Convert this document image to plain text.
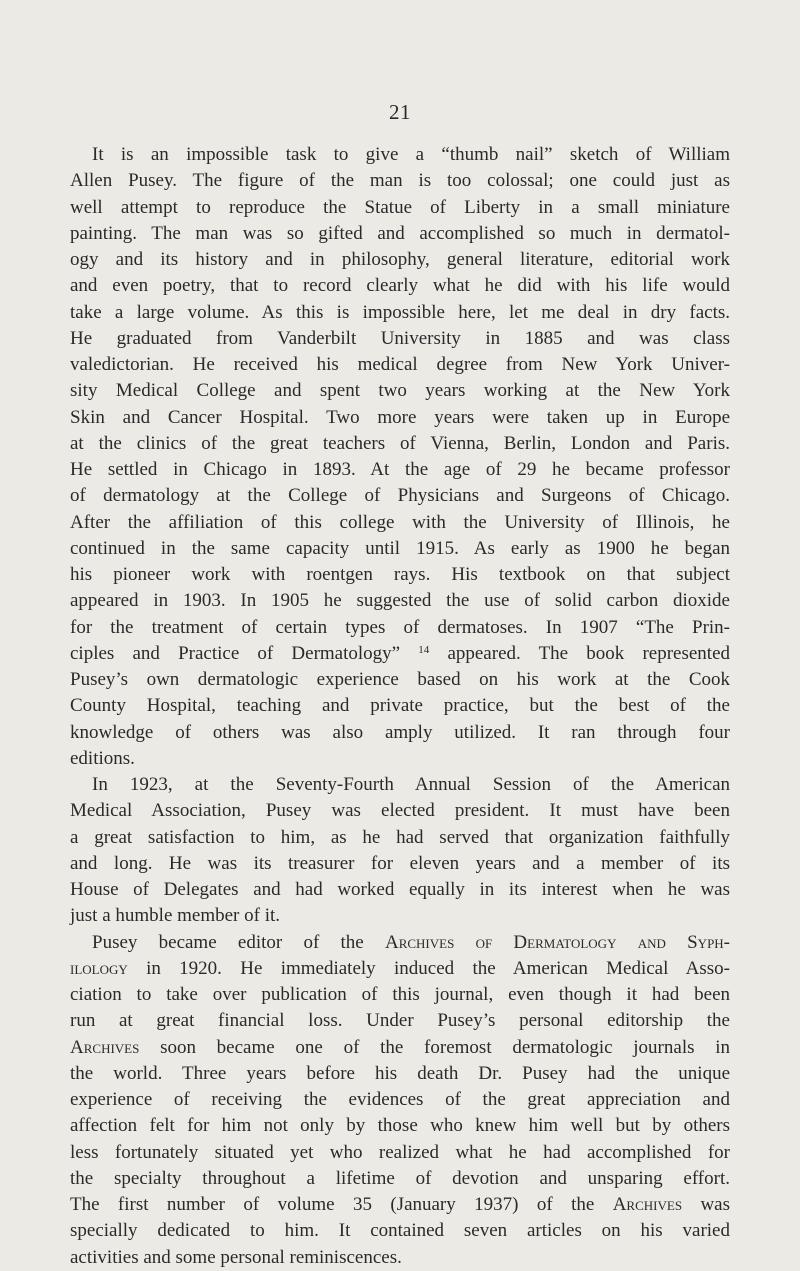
21
It is an impossible task to give a “thumb nail” sketch of William
Allen Pusey. The figure of the man is too colossal; one could just as
well attempt to reproduce the Statue of Liberty in a small miniature
painting. The man was so gifted and accomplished so much in dermatol-
ogy and its history and in philosophy, general literature, editorial work
and even poetry, that to record clearly what he did with his life would
take a large volume. As this is impossible here, let me deal in dry facts.
He graduated from Vanderbilt University in 1885 and was class
valedictorian. He received his medical degree from New York Univer-
sity Medical College and spent two years working at the New York
Skin and Cancer Hospital. Two more years were taken up in Europe
at the clinics of the great teachers of Vienna, Berlin, London and Paris.
He settled in Chicago in 1893. At the age of 29 he became professor
of dermatology at the College of Physicians and Surgeons of Chicago.
After the affiliation of this college with the University of Illinois, he
continued in the same capacity until 1915. As early as 1900 he began
his pioneer work with roentgen rays. His textbook on that subject
appeared in 1903. In 1905 he suggested the use of solid carbon dioxide
for the treatment of certain types of dermatoses. In 1907 “The Prin-
ciples and Practice of Dermatology” $^{14}$ appeared. The book represented
Pusey’s own dermatologic experience based on his work at the Cook
County Hospital, teaching and private practice, but the best of the
knowledge of others was also amply utilized. It ran through four
editions.
In 1923, at the Seventy-Fourth Annual Session of the American
Medical Association, Pusey was elected president. It must have been
a great satisfaction to him, as he had served that organization faithfully
and long. He was its treasurer for eleven years and a member of its
House of Delegates and had worked equally in its interest when he was
just a humble member of it.
Pusey became editor of the Archives of Dermatology and Syph-
ilology in 1920. He immediately induced the American Medical Asso-
ciation to take over publication of this journal, even though it had been
run at great financial loss. Under Pusey’s personal editorship the
Archives soon became one of the foremost dermatologic journals in
the world. Three years before his death Dr. Pusey had the unique
experience of receiving the evidences of the great appreciation and
affection felt for him not only by those who knew him well but by others
less fortunately situated yet who realized what he had accomplished for
the specialty throughout a lifetime of devotion and unsparing effort.
The first number of volume 35 (January 1937) of the Archives was
specially dedicated to him. It contained seven articles on his varied
activities and some personal reminiscences.
